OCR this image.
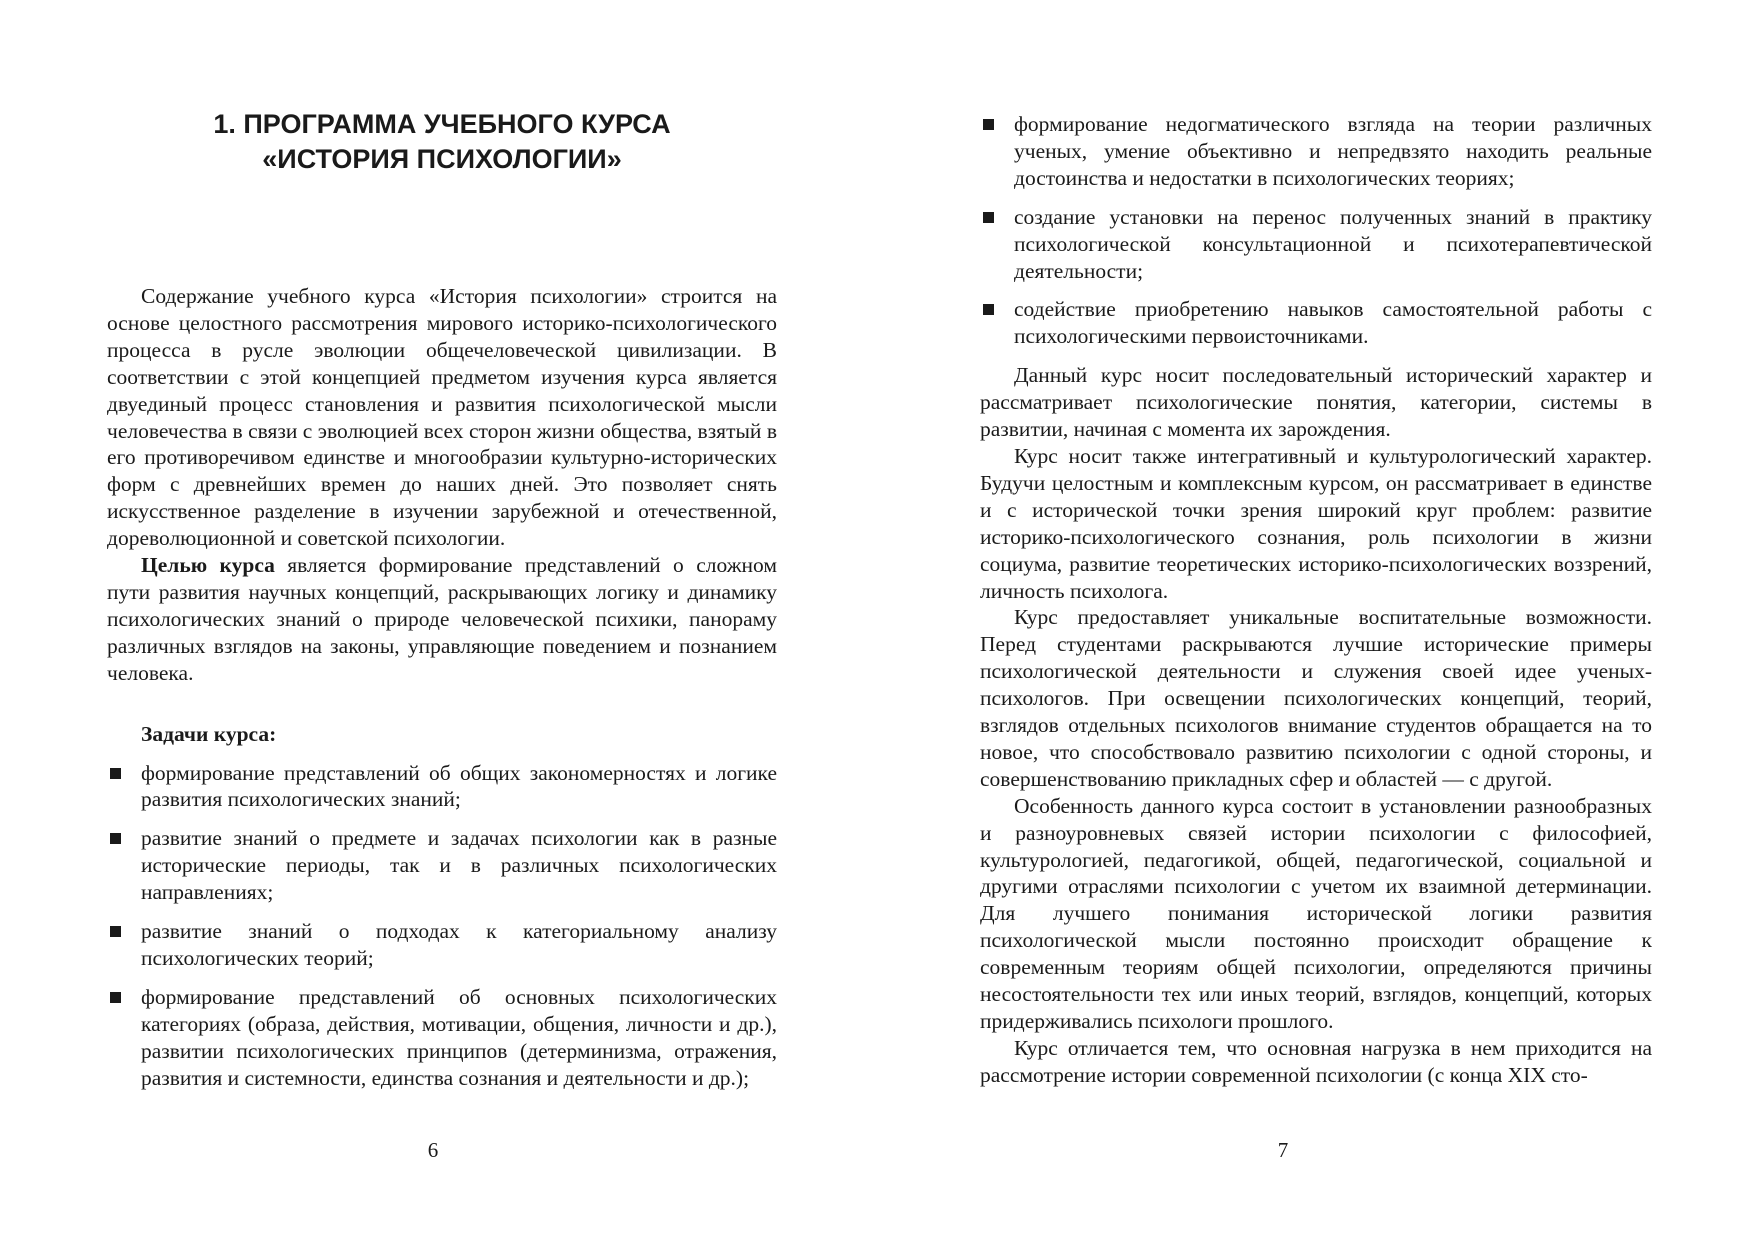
1. ПРОГРАММА УЧЕБНОГО КУРСА
«ИСТОРИЯ ПСИХОЛОГИИ»

Содержание учебного курса «История психологии» строится на основе целостного рассмотрения мирового историко-психологического процесса в русле эволюции общечеловеческой цивилизации. В соответствии с этой концепцией предметом изучения курса является двуединый процесс становления и развития психологической мысли человечества в связи с эволюцией всех сторон жизни общества, взятый в его противоречивом единстве и многообразии культурно-исторических форм с древнейших времен до наших дней. Это позволяет снять искусственное разделение в изучении зарубежной и отечественной, дореволюционной и советской психологии.

Целью курса является формирование представлений о сложном пути развития научных концепций, раскрывающих логику и динамику психологических знаний о природе человеческой психики, панораму различных взглядов на законы, управляющие поведением и познанием человека.

Задачи курса:
формирование представлений об общих закономерностях и логике развития психологических знаний;
развитие знаний о предмете и задачах психологии как в разные исторические периоды, так и в различных психологических направлениях;
развитие знаний о подходах к категориальному анализу психологических теорий;
формирование представлений об основных психологических категориях (образа, действия, мотивации, общения, личности и др.), развитии психологических принципов (детерминизма, отражения, развития и системности, единства сознания и деятельности и др.);
6
формирование недогматического взгляда на теории различных ученых, умение объективно и непредвзято находить реальные достоинства и недостатки в психологических теориях;
создание установки на перенос полученных знаний в практику психологической консультационной и психотерапевтической деятельности;
содействие приобретению навыков самостоятельной работы с психологическими первоисточниками.

Данный курс носит последовательный исторический характер и рассматривает психологические понятия, категории, системы в развитии, начиная с момента их зарождения.

Курс носит также интегративный и культурологический характер. Будучи целостным и комплексным курсом, он рассматривает в единстве и с исторической точки зрения широкий круг проблем: развитие историко-психологического сознания, роль психологии в жизни социума, развитие теоретических историко-психологических воззрений, личность психолога.

Курс предоставляет уникальные воспитательные возможности. Перед студентами раскрываются лучшие исторические примеры психологической деятельности и служения своей идее ученых-психологов. При освещении психологических концепций, теорий, взглядов отдельных психологов внимание студентов обращается на то новое, что способствовало развитию психологии с одной стороны, и совершенствованию прикладных сфер и областей — с другой.

Особенность данного курса состоит в установлении разнообразных и разноуровневых связей истории психологии с философией, культурологией, педагогикой, общей, педагогической, социальной и другими отраслями психологии с учетом их взаимной детерминации. Для лучшего понимания исторической логики развития психологической мысли постоянно происходит обращение к современным теориям общей психологии, определяются причины несостоятельности тех или иных теорий, взглядов, концепций, которых придерживались психологи прошлого.

Курс отличается тем, что основная нагрузка в нем приходится на рассмотрение истории современной психологии (с конца XIX сто-

7
